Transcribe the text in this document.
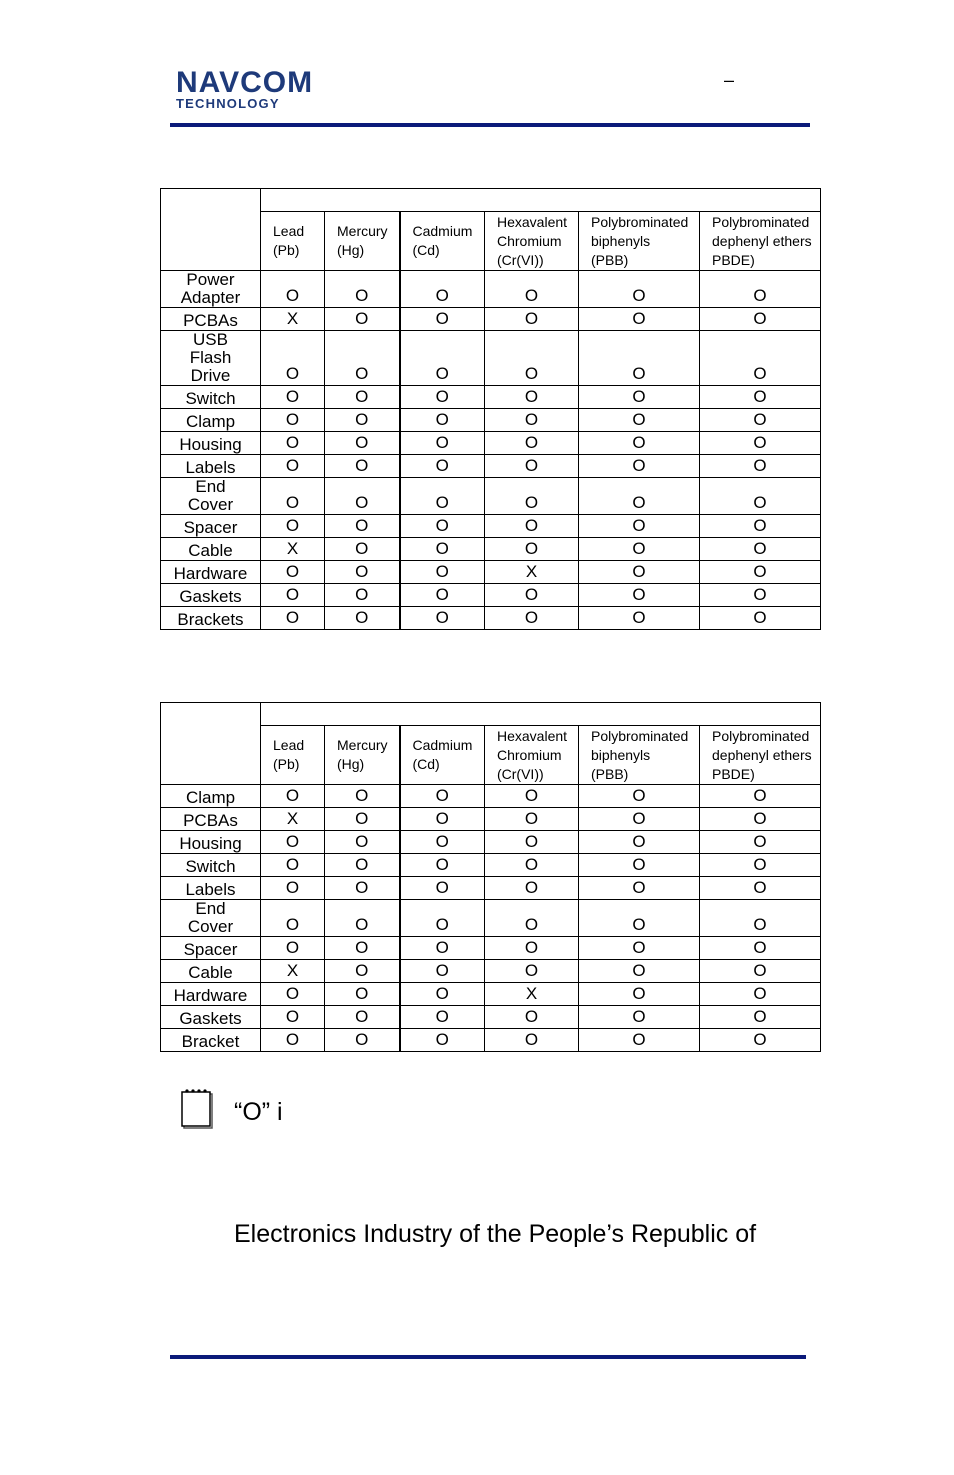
NAVCOM
TECHNOLOGY
–

	Lead
(Pb)	Mercury
(Hg)	Cadmium
(Cd)	Hexavalent
Chromium
(Cr(VI))	Polybrominated
biphenyls
(PBB)	Polybrominated
dephenyl ethers
PBDE)
Power
Adapter	O	O	O	O	O	O
PCBAs	X	O	O	O	O	O
USB
Flash
Drive	O	O	O	O	O	O
Switch	O	O	O	O	O	O
Clamp	O	O	O	O	O	O
Housing	O	O	O	O	O	O
Labels	O	O	O	O	O	O
End
Cover	O	O	O	O	O	O
Spacer	O	O	O	O	O	O
Cable	X	O	O	O	O	O
Hardware	O	O	O	X	O	O
Gaskets	O	O	O	O	O	O
Brackets	O	O	O	O	O	O

	Lead
(Pb)	Mercury
(Hg)	Cadmium
(Cd)	Hexavalent
Chromium
(Cr(VI))	Polybrominated
biphenyls
(PBB)	Polybrominated
dephenyl ethers
PBDE)
Clamp	O	O	O	O	O	O
PCBAs	X	O	O	O	O	O
Housing	O	O	O	O	O	O
Switch	O	O	O	O	O	O
Labels	O	O	O	O	O	O
End
Cover	O	O	O	O	O	O
Spacer	O	O	O	O	O	O
Cable	X	O	O	O	O	O
Hardware	O	O	O	X	O	O
Gaskets	O	O	O	O	O	O
Bracket	O	O	O	O	O	O
“O” i
Electronics Industry of the People’s Republic of
